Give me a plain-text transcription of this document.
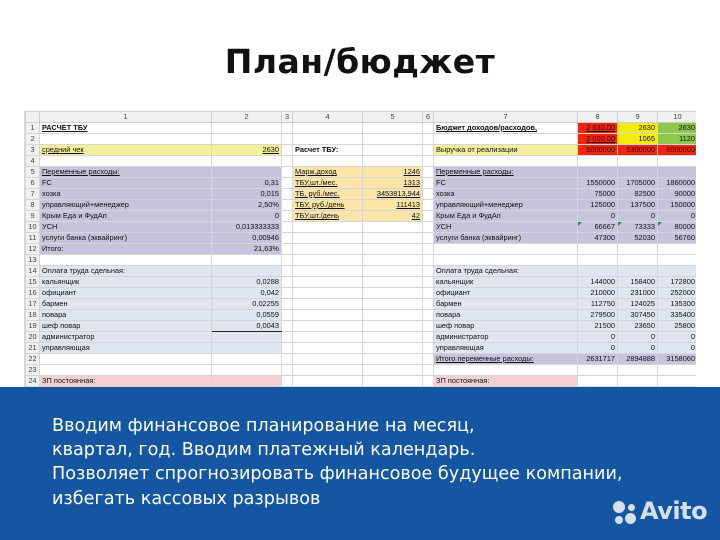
План/бюджет
	1	2	3	4	5	6	7	8	9	10
1	РАСЧЕТ ТБУ						Бюджет доходов/расходов,	2 630,00	2630	2630
2								2 000,00	1065	1120
3	средний чек	2630		Расчет ТБУ:			Выручка от реализации	5000000	5300000	6000000
4										
5	Переменные расходы:			Марж.доход	1246		Переменные расходы:			
6	FC	0,31		ТБУ,шт./мес.	1313		FC	1550000	1705000	1860000
7	хозка	0,015		ТБ, руб./мес.	3453813,944		хозка	75000	82500	90000
8	управляющий+менеджер	2,50%		ТБУ, руб./день	111413		управляющий+менеджер	125000	137500	150000
9	Крым Еда и ФудАп	0		ТБУ,шт./день	42		Крым Еда и ФудАп	0	0	0
10	УСН	0,013333333					УСН	66667	73333	80000
11	услуги банка (эквайринг)	0,00946					услуги банка (эквайринг)	47300	52030	56760
12	Итого:	21,63%								
13										
14	Оплата труда сдельная:						Оплата труда сдельная:			
15	кальянщик	0,0288					кальянщик	144000	158400	172800
16	официант	0,042					официант	210000	231000	252000
17	бармен	0,02255					бармен	112750	124025	135300
18	повара	0,0559					повара	279500	307450	335400
19	шеф повар	0,0043					шеф повар	21500	23650	25800
20	администратор						администратор	0	0	0
21	управляющая						управляющая	0	0	0
22							Итого переменные расходы:	2631717	2894888	3158060
23										
24	ЗП постоянная:						ЗП постоянная:			
Вводим финансовое планирование на месяц,
квартал, год. Вводим платежный календарь.
Позволяет спрогнозировать финансовое будущее компании,
избегать кассовых разрывов	Avito
